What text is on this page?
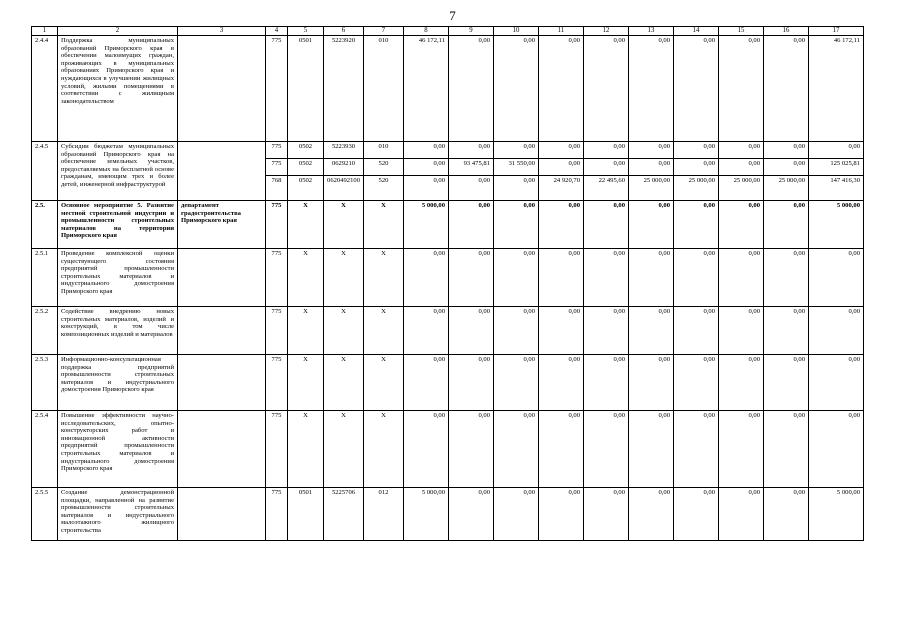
7
1	2	3	4	5	6	7	8	9	10	11	12	13	14	15	16	17
2.4.4	Поддержка муниципальных образований Приморского края в обеспечении малоимущих граждан, проживающих в муниципальных образованиях Приморского края и нуждающихся в улучшении жилищных условий, жилыми помещениями в соответствии с жилищным законодательством		775	0501	5223920	010	46 172,11	0,00	0,00	0,00	0,00	0,00	0,00	0,00	0,00	46 172,11
2.4.5	Субсидии бюджетам муниципальных образований Приморского края на обеспечение земельных участков, предоставляемых на бесплатной основе гражданам, имеющим трех и более детей, инженерной инфраструктурой		775	0502	5223930	010	0,00	0,00	0,00	0,00	0,00	0,00	0,00	0,00	0,00	0,00
			775	0502	0629210	520	0,00	93 475,81	31 550,00	0,00	0,00	0,00	0,00	0,00	0,00	125 025,81
			768	0502	0620492100	520	0,00	0,00	0,00	24 920,70	22 495,60	25 000,00	25 000,00	25 000,00	25 000,00	147 416,30
2.5.	Основное мероприятие 5. Развитие местной строительной индустрии и промышленности строительных материалов на территории Приморского края	департамент градостроительства Приморского края	775	X	X	X	5 000,00	0,00	0,00	0,00	0,00	0,00	0,00	0,00	0,00	5 000,00
2.5.1	Проведение комплексной оценки существующего состояния предприятий промышленности строительных материалов и индустриального домостроения Приморского края		775	X	X	X	0,00	0,00	0,00	0,00	0,00	0,00	0,00	0,00	0,00	0,00
2.5.2	Содействие внедрению новых строительных материалов, изделий и конструкций, в том числе композиционных изделий и материалов		775	X	X	X	0,00	0,00	0,00	0,00	0,00	0,00	0,00	0,00	0,00	0,00
2.5.3	Информационно-консультационная поддержка предприятий промышленности строительных материалов и индустриального домостроения Приморского края		775	X	X	X	0,00	0,00	0,00	0,00	0,00	0,00	0,00	0,00	0,00	0,00
2.5.4	Повышение эффективности научно-исследовательских, опытно-конструкторских работ и инновационной активности предприятий промышленности строительных материалов и индустриального домостроения Приморского края		775	X	X	X	0,00	0,00	0,00	0,00	0,00	0,00	0,00	0,00	0,00	0,00
2.5.5	Создание демонстрационной площадки, направленной на развитие промышленности строительных материалов и индустриального малоэтажного жилищного строительства		775	0501	5225706	012	5 000,00	0,00	0,00	0,00	0,00	0,00	0,00	0,00	0,00	5 000,00
